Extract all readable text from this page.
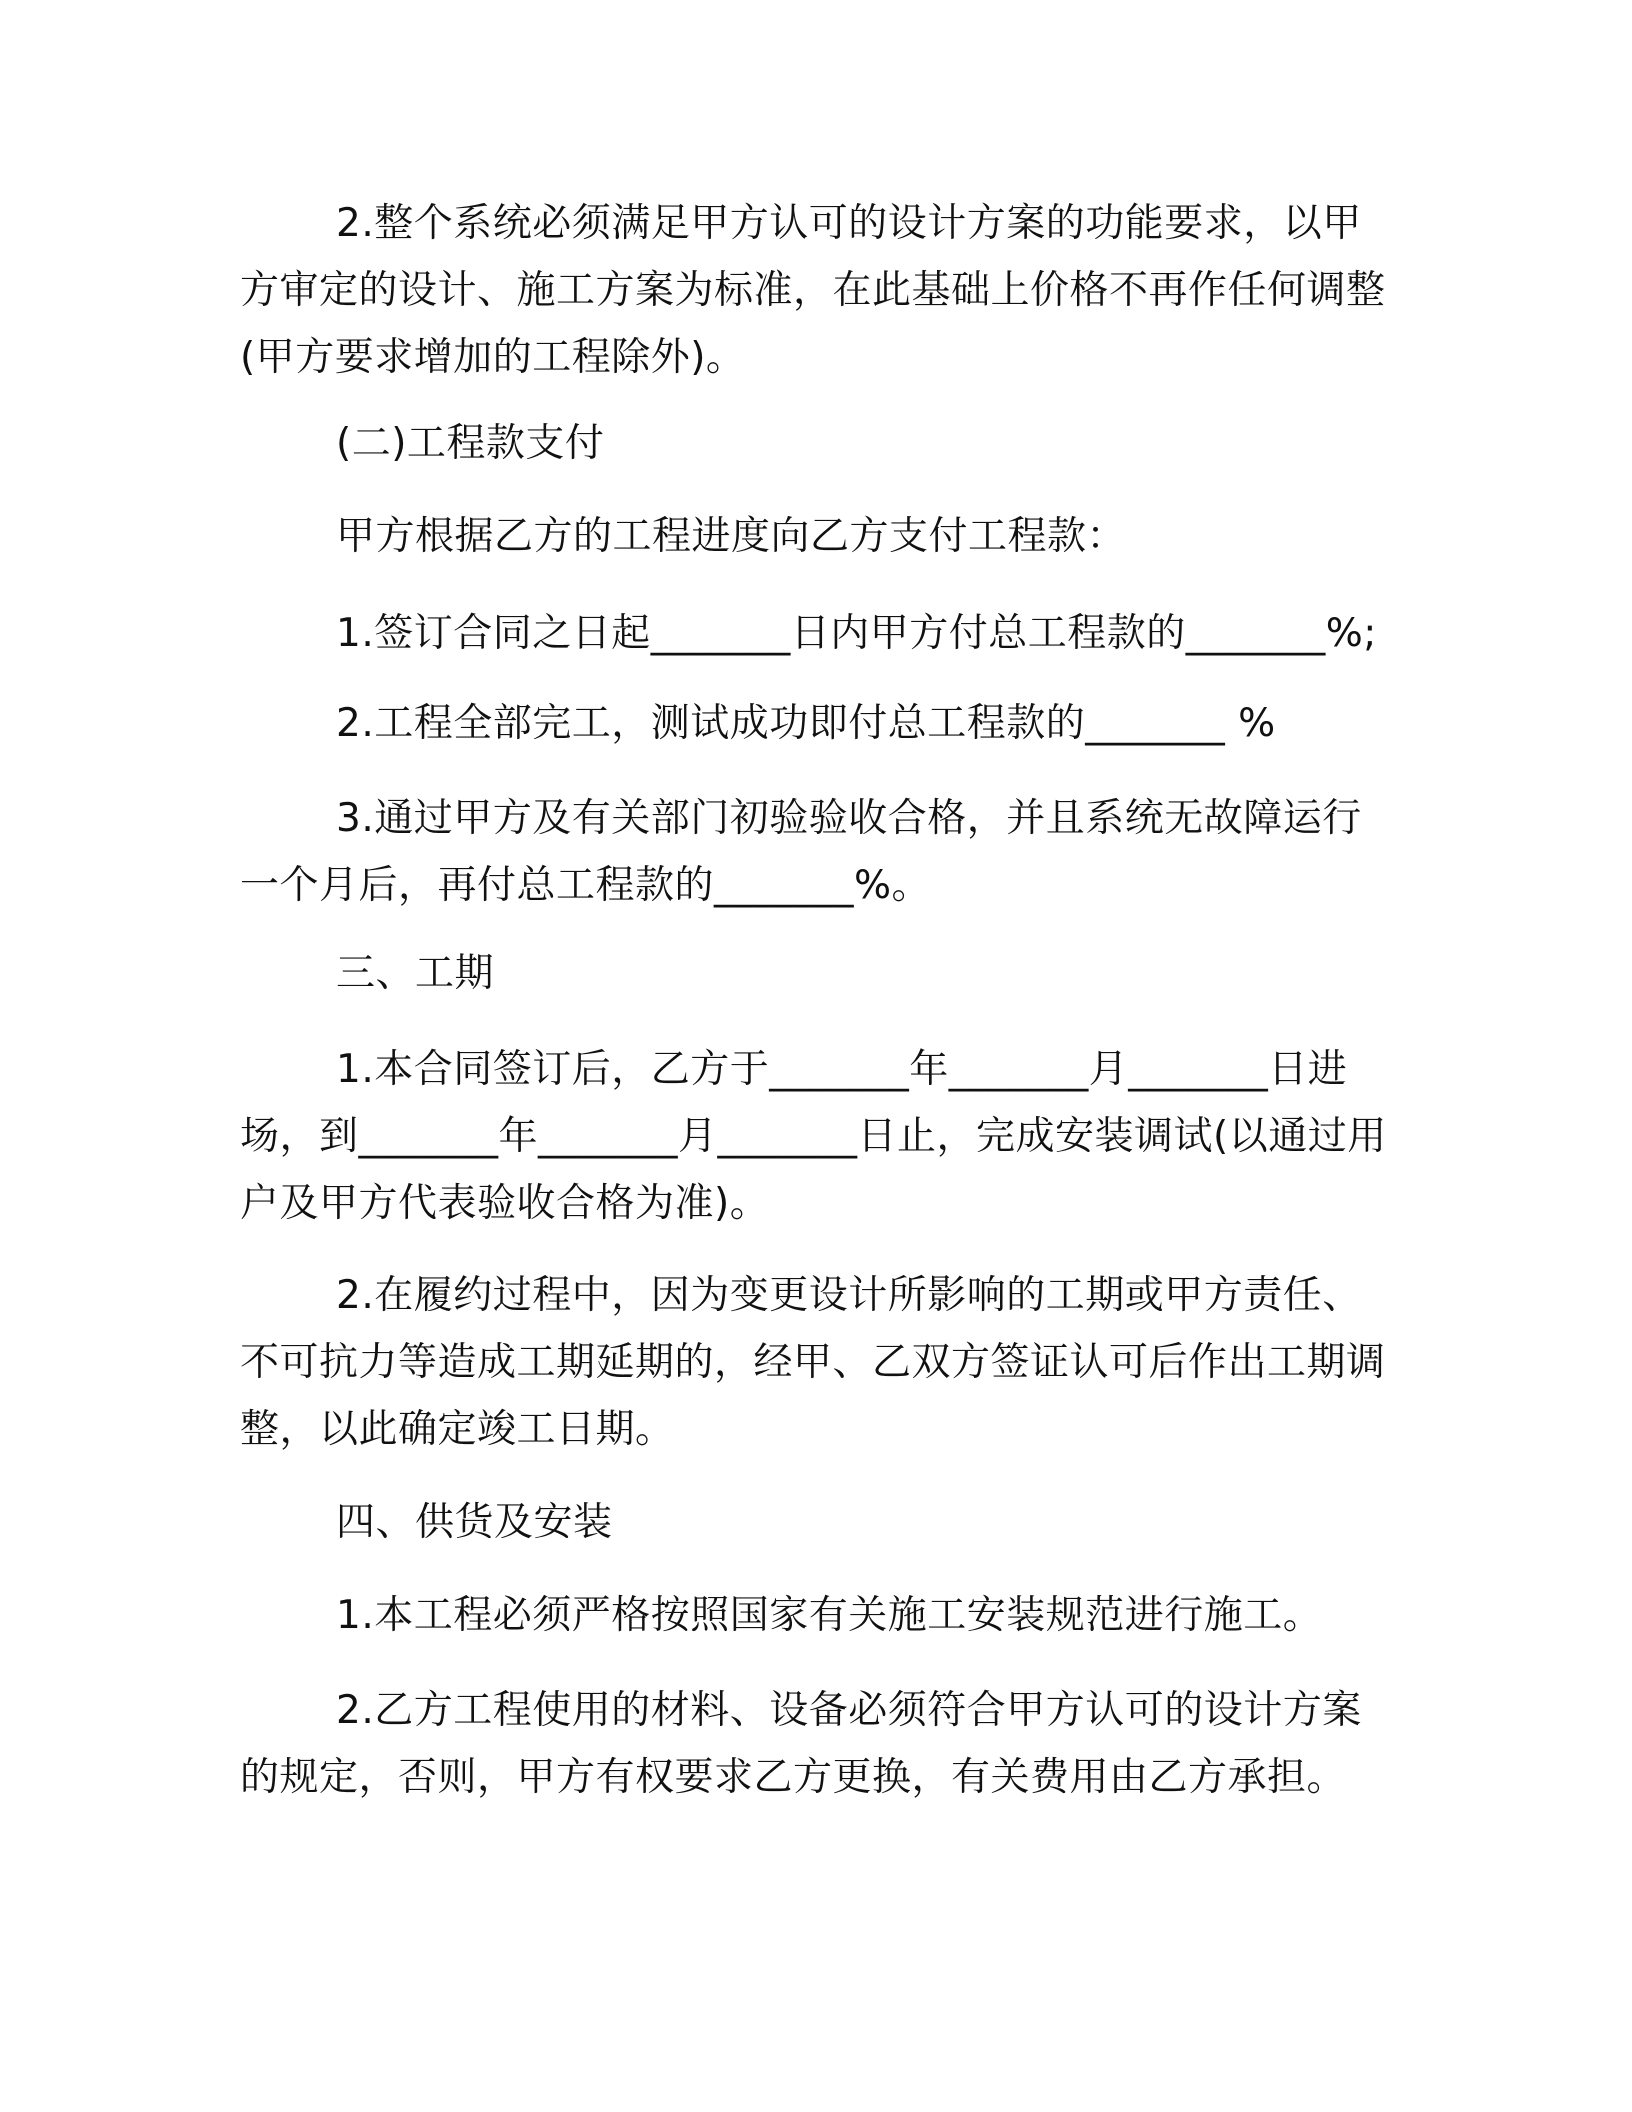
2.整个系统必须满足甲方认可的设计方案的功能要求，以甲方审定的设计、施工方案为标准，在此基础上价格不再作任何调整(甲方要求增加的工程除外)。

(二)工程款支付

甲方根据乙方的工程进度向乙方支付工程款：

1.签订合同之日起_______日内甲方付总工程款的_______%;

2.工程全部完工，测试成功即付总工程款的_______ %

3.通过甲方及有关部门初验验收合格，并且系统无故障运行一个月后，再付总工程款的_______%。

三、工期

1.本合同签订后，乙方于_______年_______月_______日进场，到_______年_______月_______日止，完成安装调试(以通过用户及甲方代表验收合格为准)。

2.在履约过程中，因为变更设计所影响的工期或甲方责任、不可抗力等造成工期延期的，经甲、乙双方签证认可后作出工期调整，以此确定竣工日期。

四、供货及安装

1.本工程必须严格按照国家有关施工安装规范进行施工。

2.乙方工程使用的材料、设备必须符合甲方认可的设计方案的规定，否则，甲方有权要求乙方更换，有关费用由乙方承担。
